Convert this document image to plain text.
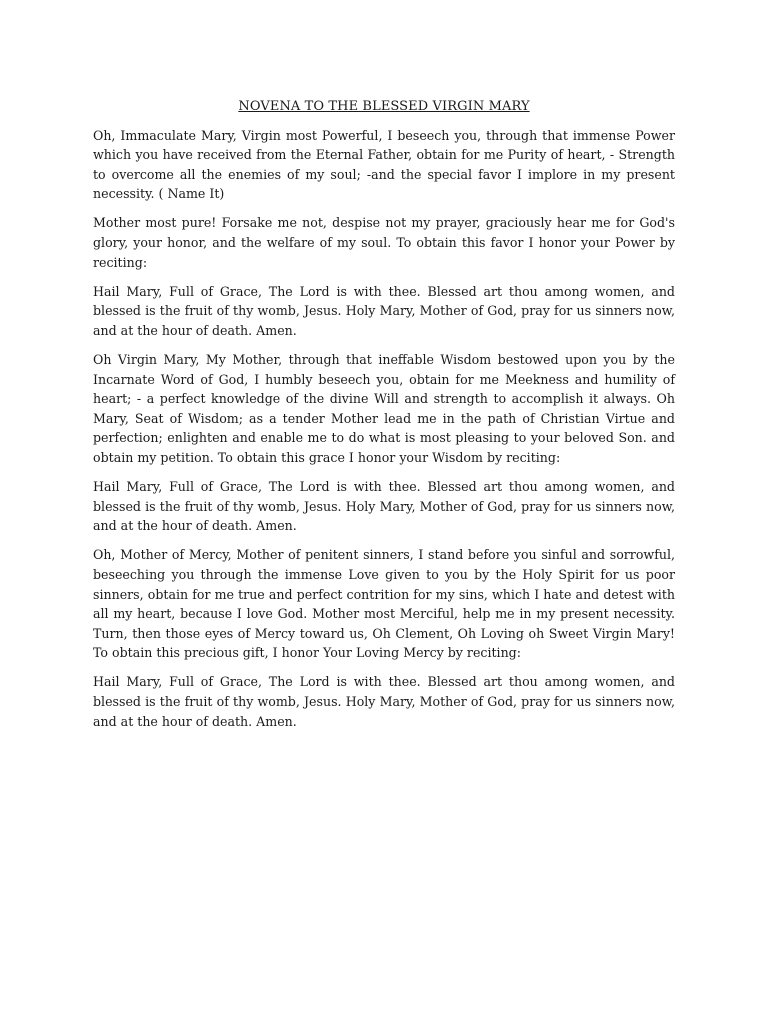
NOVENA TO THE BLESSED VIRGIN MARY

Oh, Immaculate Mary, Virgin most Powerful, I beseech you, through that immense Power which you have received from the Eternal Father, obtain for me Purity of heart, - Strength to overcome all the enemies of my soul; -and the special favor I implore in my present necessity. ( Name It)

Mother most pure! Forsake me not, despise not my prayer, graciously hear me for God's glory, your honor, and the welfare of my soul. To obtain this favor I honor your Power by reciting:

Hail Mary, Full of Grace, The Lord is with thee. Blessed art thou among women, and blessed is the fruit of thy womb, Jesus. Holy Mary, Mother of God, pray for us sinners now, and at the hour of death. Amen.

Oh Virgin Mary, My Mother, through that ineffable Wisdom bestowed upon you by the Incarnate Word of God, I humbly beseech you, obtain for me Meekness and humility of heart; - a perfect knowledge of the divine Will and strength to accomplish it always. Oh Mary, Seat of Wisdom; as a tender Mother lead me in the path of Christian Virtue and perfection; enlighten and enable me to do what is most pleasing to your beloved Son. and obtain my petition. To obtain this grace I honor your Wisdom by reciting:

Hail Mary, Full of Grace, The Lord is with thee. Blessed art thou among women, and blessed is the fruit of thy womb, Jesus. Holy Mary, Mother of God, pray for us sinners now, and at the hour of death. Amen.

Oh, Mother of Mercy, Mother of penitent sinners, I stand before you sinful and sorrowful, beseeching you through the immense Love given to you by the Holy Spirit for us poor sinners, obtain for me true and perfect contrition for my sins, which I hate and detest with all my heart, because I love God. Mother most Merciful, help me in my present necessity. Turn, then those eyes of Mercy toward us, Oh Clement, Oh Loving oh Sweet Virgin Mary! To obtain this precious gift, I honor Your Loving Mercy by reciting:

Hail Mary, Full of Grace, The Lord is with thee. Blessed art thou among women, and blessed is the fruit of thy womb, Jesus. Holy Mary, Mother of God, pray for us sinners now, and at the hour of death. Amen.
